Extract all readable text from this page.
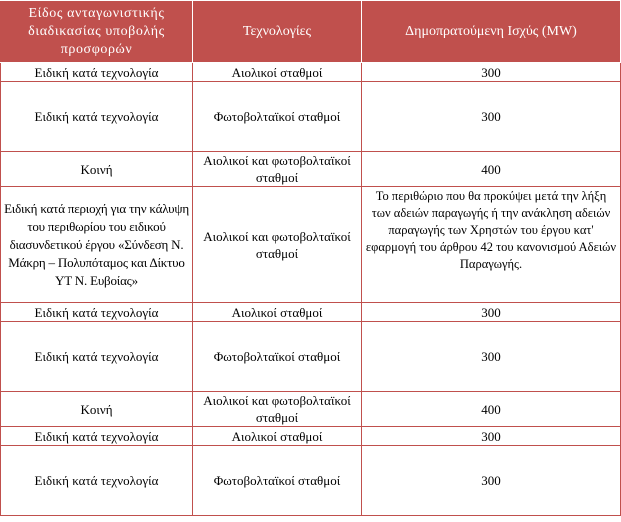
Είδος ανταγωνιστικής διαδικασίας υποβολής προσφορών	Τεχνολογίες	Δημοπρατούμενη Ισχύς (MW)
Ειδική κατά τεχνολογία	Αιολικοί σταθμοί	300
Ειδική κατά τεχνολογία	Φωτοβολταϊκοί σταθμοί	300
Κοινή	Αιολικοί και φωτοβολταϊκοί σταθμοί	400
Ειδική κατά περιοχή για την κάλυψη του περιθωρίου του ειδικού διασυνδετικού έργου «Σύνδεση Ν. Μάκρη – Πολυπόταμος και Δίκτυο ΥΤ Ν. Ευβοίας»	Αιολικοί και φωτοβολταϊκοί σταθμοί	Το περιθώριο που θα προκύψει μετά την λήξη των αδειών παραγωγής ή την ανάκληση αδειών παραγωγής των Χρηστών του έργου κατ' εφαρμογή του άρθρου 42 του κανονισμού Αδειών Παραγωγής.
Ειδική κατά τεχνολογία	Αιολικοί σταθμοί	300
Ειδική κατά τεχνολογία	Φωτοβολταϊκοί σταθμοί	300
Κοινή	Αιολικοί και φωτοβολταϊκοί σταθμοί	400
Ειδική κατά τεχνολογία	Αιολικοί σταθμοί	300
Ειδική κατά τεχνολογία	Φωτοβολταϊκοί σταθμοί	300
